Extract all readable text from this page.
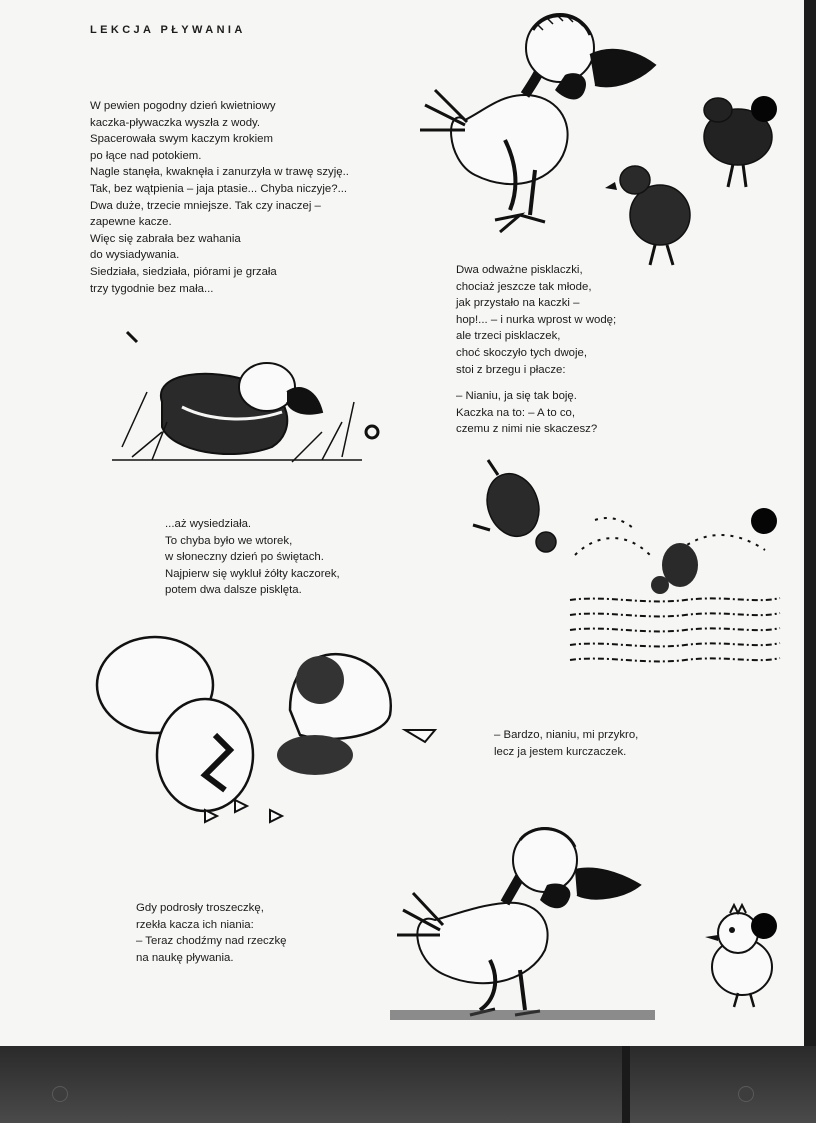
LEKCJA PŁYWANIA
W pewien pogodny dzień kwietniowy
kaczka-pływaczka wyszła z wody.
Spacerowała swym kaczym krokiem
po łące nad potokiem.
Nagle stanęła, kwaknęła i zanurzyła w trawę szyję..
Tak, bez wątpienia – jaja ptasie... Chyba niczyje?...
Dwa duże, trzecie mniejsze. Tak czy inaczej –
zapewne kacze.
Więc się zabrała bez wahania
do wysiadywania.
Siedziała, siedziała, piórami je grzała
trzy tygodnie bez mała...
...aż wysiedziała.
To chyba było we wtorek,
w słoneczny dzień po świętach.
Najpierw się wykluł żółty kaczorek,
potem dwa dalsze pisklęta.
Gdy podrosły troszeczkę,
rzekła kacza ich niania:
– Teraz chodźmy nad rzeczkę
na naukę pływania.
Dwa odważne pisklaczki,
chociaż jeszcze tak młode,
jak przystało na kaczki –
hop!... – i nurka wprost w wodę;
ale trzeci pisklaczek,
choć skoczyło tych dwoje,
stoi z brzegu i płacze:
– Nianiu, ja się tak boję.
Kaczka na to: – A to co,
czemu z nimi nie skaczesz?
– Bardzo, nianiu, mi przykro,
lecz ja jestem kurczaczek.
